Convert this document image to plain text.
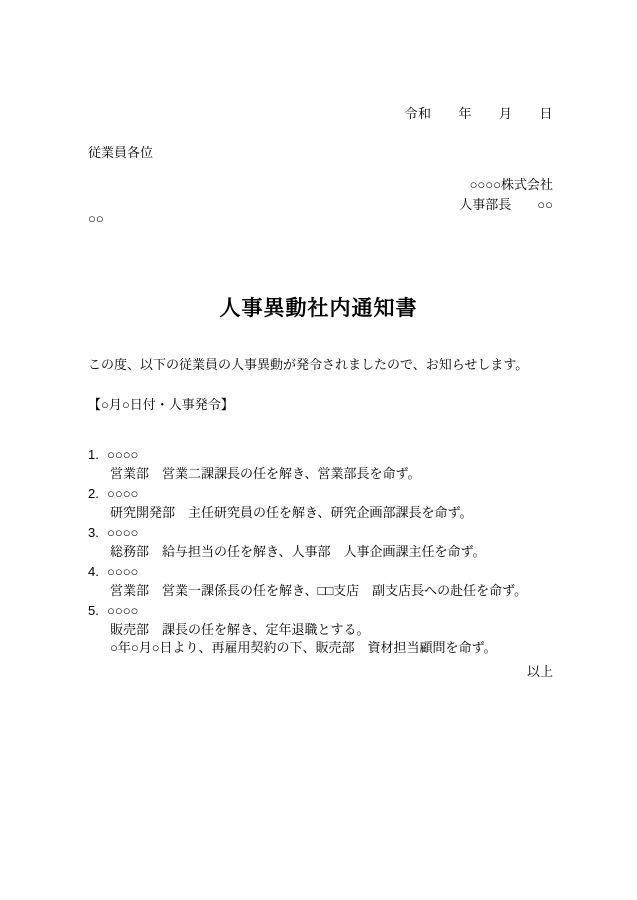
令和　　年　　月　　日
従業員各位
○○○○株式会社
人事部長　　○○
○○
人事異動社内通知書

この度、以下の従業員の人事異動が発令されましたので、お知らせします。

【○月○日付・人事発令】
1. ○○○○
営業部　営業二課課長の任を解き、営業部長を命ず。
2. ○○○○
研究開発部　主任研究員の任を解き、研究企画部課長を命ず。
3. ○○○○
総務部　給与担当の任を解き、人事部　人事企画課主任を命ず。
4. ○○○○
営業部　営業一課係長の任を解き、□□支店　副支店長への赴任を命ず。
5. ○○○○
販売部　課長の任を解き、定年退職とする。
○年○月○日より、再雇用契約の下、販売部　資材担当顧問を命ず。
以上
